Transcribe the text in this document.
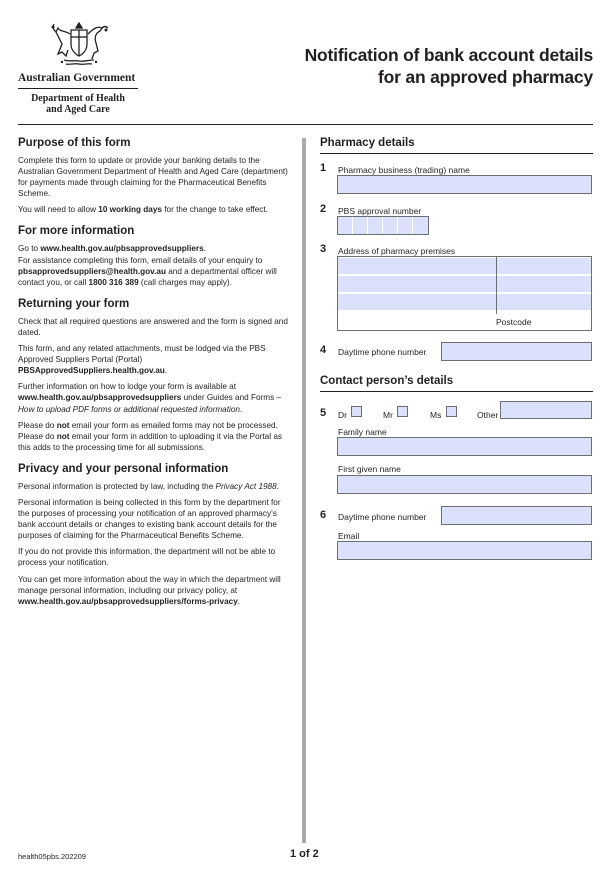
Australian Government
Department of Health
and Aged Care
Notification of bank account details
for an approved pharmacy
Purpose of this form

Complete this form to update or provide your banking details to the Australian Government Department of Health and Aged Care (department) for payments made through claiming for the Pharmaceutical Benefits Scheme.

You will need to allow 10 working days for the change to take effect.

For more information

Go to www.health.gov.au/pbsapprovedsuppliers.
For assistance completing this form, email details of your enquiry to pbsapprovedsuppliers@health.gov.au and a departmental officer will contact you, or call 1800 316 389 (call charges may apply).

Returning your form

Check that all required questions are answered and the form is signed and dated.

This form, and any related attachments, must be lodged via the PBS Approved Suppliers Portal (Portal) PBSApprovedSuppliers.health.gov.au.

Further information on how to lodge your form is available at www.health.gov.au/pbsapprovedsuppliers under Guides and Forms – How to upload PDF forms or additional requested information.

Please do not email your form as emailed forms may not be processed. Please do not email your form in addition to uploading it via the Portal as this adds to the processing time for all submissions.

Privacy and your personal information

Personal information is protected by law, including the Privacy Act 1988.

Personal information is being collected in this form by the department for the purposes of processing your notification of an approved pharmacy’s bank account details or changes to existing bank account details for the purposes of claiming for the Pharmaceutical Benefits Scheme.

If you do not provide this information, the department will not be able to process your notification.

You can get more information about the way in which the department will manage personal information, including our privacy policy, at www.health.gov.au/pbsapprovedsuppliers/forms-privacy.

Pharmacy details
1 Pharmacy business (trading) name
2 PBS approval number
3 Address of pharmacy premises
Postcode
4 Daytime phone number
Contact person’s details
5 Dr	Mr	Ms	Other
Family name
First given name
6 Daytime phone number
Email
health05pbs.202209	1 of 2
